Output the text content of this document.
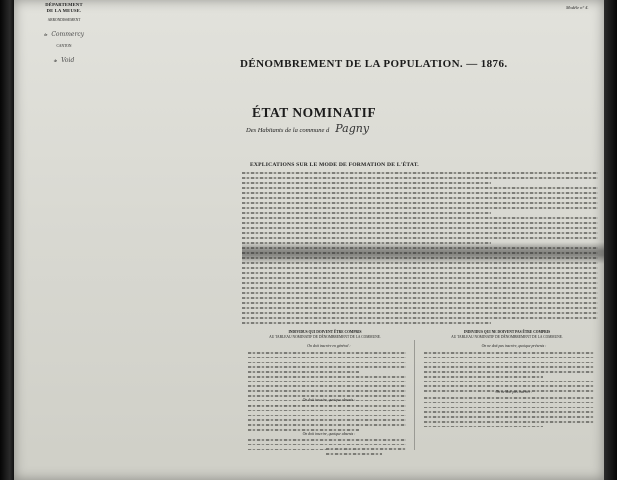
DÉPARTEMENT
DE LA MEUSE.
ARRONDISSEMENT
de Commercy
CANTON
de Void
Modèle n° 4.
DÉNOMBREMENT DE LA POPULATION. — 1876.
ÉTAT NOMINATIF
Des Habitants de la commune d Pagny
EXPLICATIONS SUR LE MODE DE FORMATION DE L'ÉTAT.
INDIVIDUS QUI DOIVENT ÊTRE COMPRIS
AU TABLEAU NOMINATIF DE DÉNOMBREMENT DE LA COMMUNE.
INDIVIDUS QUI NE DOIVENT PAS ÊTRE COMPRIS
AU TABLEAU NOMINATIF DE DÉNOMBREMENT DE LA COMMUNE.
On doit inscrire en général :
On doit inscrire, quoique absents :
On doit inscrire, quoique absents :
On ne doit pas inscrire, quoique présents :
On ne doit pas inscrire :
